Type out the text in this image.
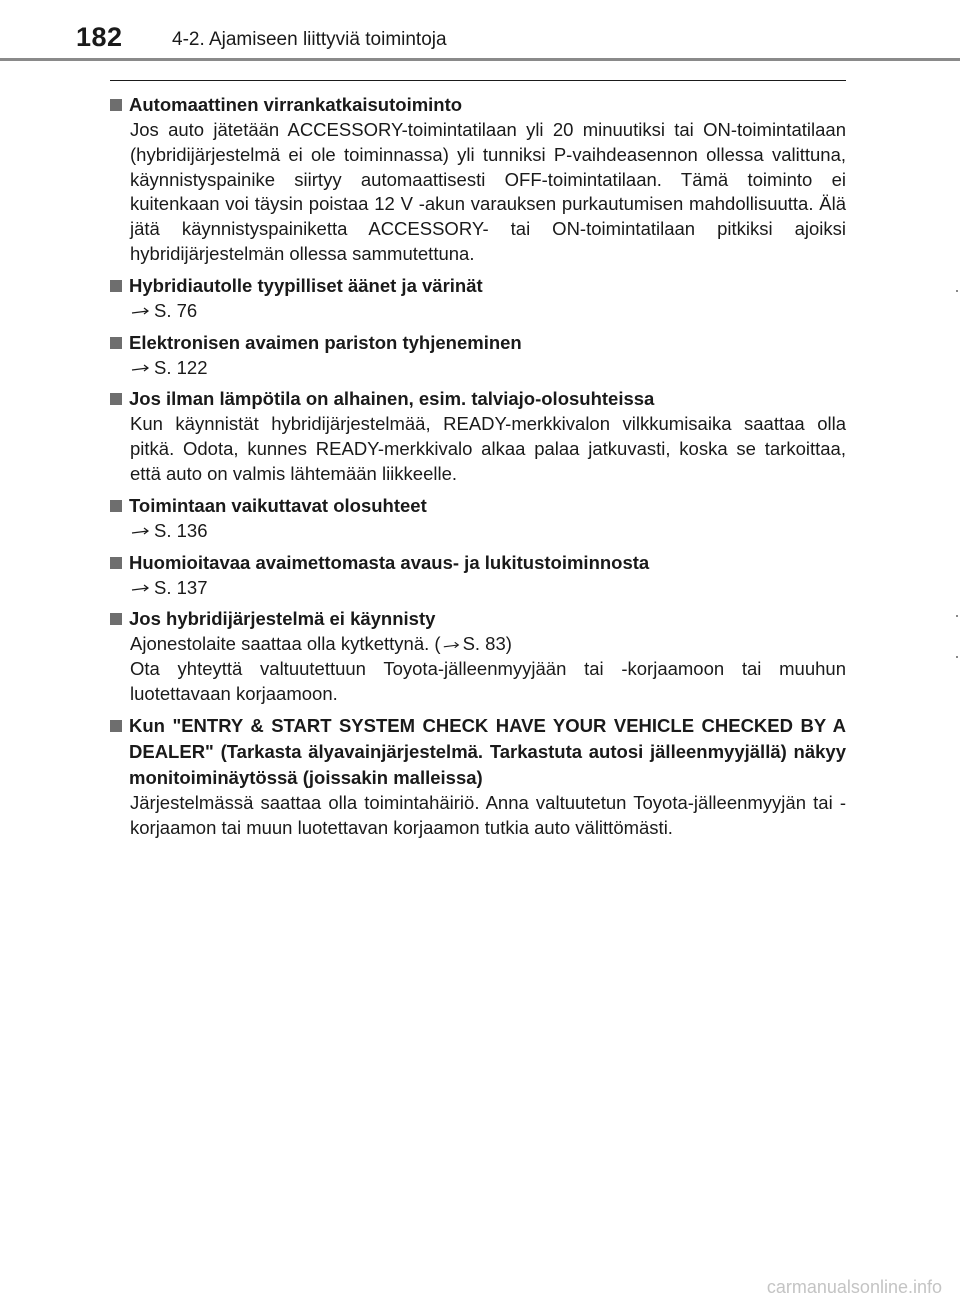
182	4-2. Ajamiseen liittyviä toimintoja
Automaattinen virrankatkaisutoiminto

Jos auto jätetään ACCESSORY-toimintatilaan yli 20 minuutiksi tai ON-toimintatilaan (hybridijärjestelmä ei ole toiminnassa) yli tunniksi P-vaihdeasennon ollessa valittuna, käynnistyspainike siirtyy automaattisesti OFF-toimintatilaan. Tämä toiminto ei kuitenkaan voi täysin poistaa 12 V -akun varauksen purkautumisen mahdollisuutta. Älä jätä käynnistyspainiketta ACCESSORY- tai ON-toimintatilaan pitkiksi ajoiksi hybridijärjestelmän ollessa sammutettuna.

Hybridiautolle tyypilliset äänet ja värinät
S. 76
Elektronisen avaimen pariston tyhjeneminen
S. 122
Jos ilman lämpötila on alhainen, esim. talviajo-olosuhteissa

Kun käynnistät hybridijärjestelmää, READY-merkkivalon vilkkumisaika saattaa olla pitkä. Odota, kunnes READY-merkkivalo alkaa palaa jatkuvasti, koska se tarkoittaa, että auto on valmis lähtemään liikkeelle.

Toimintaan vaikuttavat olosuhteet
S. 136
Huomioitavaa avaimettomasta avaus- ja lukitustoiminnosta
S. 137
Jos hybridijärjestelmä ei käynnisty

Ajonestolaite saattaa olla kytkettynä. ( S. 83)

Ota yhteyttä valtuutettuun Toyota-jälleenmyyjään tai -korjaamoon tai muuhun luotettavaan korjaamoon.

Kun "ENTRY & START SYSTEM CHECK HAVE YOUR VEHICLE CHECKED BY A DEALER" (Tarkasta älyavainjärjestelmä. Tarkastuta autosi jälleenmyyjällä) näkyy monitoiminäytössä (joissakin malleissa)

Järjestelmässä saattaa olla toimintahäiriö. Anna valtuutetun Toyota-jälleenmyyjän tai -korjaamon tai muun luotettavan korjaamon tutkia auto välittömästi.

carmanualsonline.info
